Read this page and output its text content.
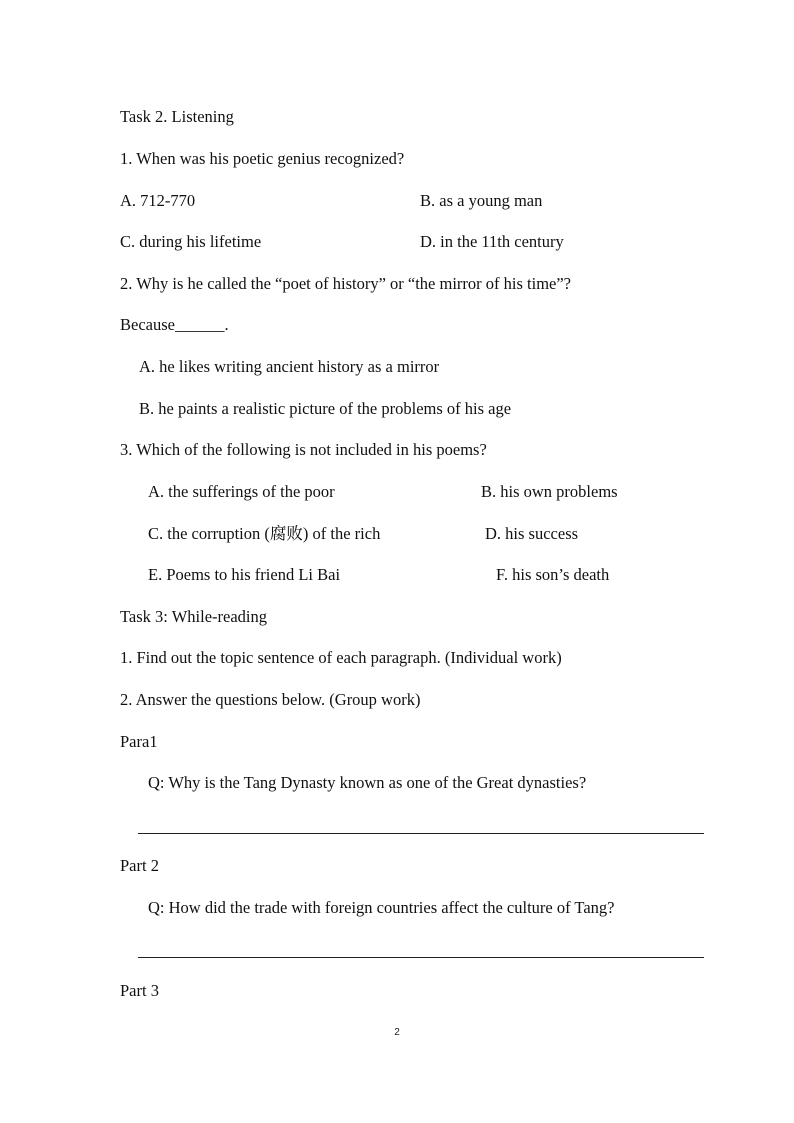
Task 2. Listening
1. When was his poetic genius recognized?
A. 712-770	B. as a young man
C. during his lifetime	D. in the 11th century
2. Why is he called the “poet of history” or “the mirror of his time”?
Because______.
A. he likes writing ancient history as a mirror
B. he paints a realistic picture of the problems of his age
3. Which of the following is not included in his poems?
A. the sufferings of the poor	B. his own problems
C. the corruption (腐败) of the rich	D. his success
E. Poems to his friend Li Bai	F. his son’s death
Task 3: While-reading
1. Find out the topic sentence of each paragraph. (Individual work)
2. Answer the questions below. (Group work)
Para1
Q: Why is the Tang Dynasty known as one of the Great dynasties?
Part 2
Q: How did the trade with foreign countries affect the culture of Tang?
Part 3
2
